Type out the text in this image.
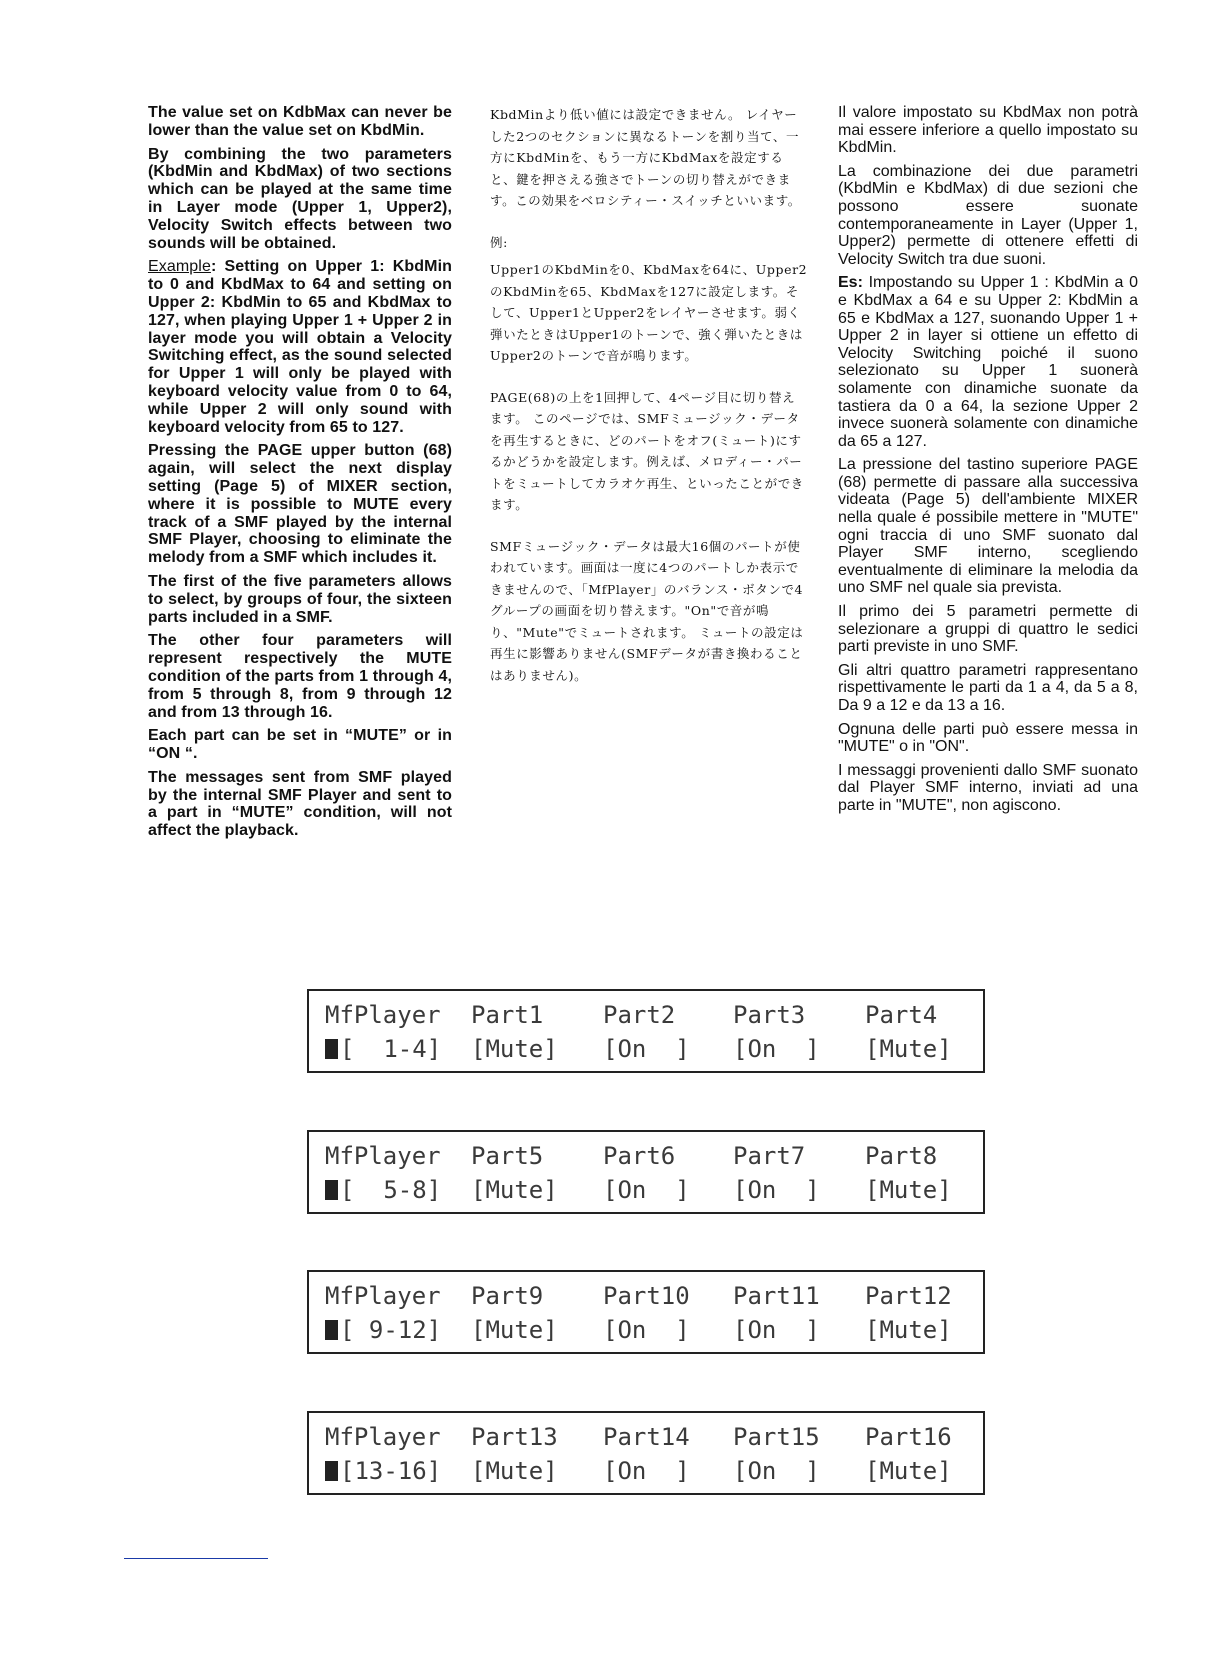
The value set on KdbMax can never be lower than the value set on KbdMin.

By combining the two parameters (KbdMin and KbdMax) of two sections which can be played at the same time in Layer mode (Upper 1, Upper2), Velocity Switch effects between two sounds will be obtained.

Example: Setting on Upper 1: KbdMin to 0 and KbdMax to 64 and setting on Upper 2: KbdMin to 65 and KbdMax to 127, when playing Upper 1 + Upper 2 in layer mode you will obtain a Velocity Switching effect, as the sound selected for Upper 1 will only be played with keyboard velocity value from 0 to 64, while Upper 2 will only sound with keyboard velocity from 65 to 127.

Pressing the PAGE upper button (68) again, will select the next display setting (Page 5) of MIXER section, where it is possible to MUTE every track of a SMF played by the internal SMF Player, choosing to eliminate the melody from a SMF which includes it.

The first of the five parameters allows to select, by groups of four, the sixteen parts included in a SMF.

The other four parameters will represent respectively the MUTE condition of the parts from 1 through 4, from 5 through 8, from 9 through 12 and from 13 through 16.

Each part can be set in “MUTE” or in “ON “.

The messages sent from SMF played by the internal SMF Player and sent to a part in “MUTE” condition, will not affect the playback.

KbdMinより低い値には設定できません。 レイヤーした2つのセクションに異なるトーンを割り当て、一方にKbdMinを、もう一方にKbdMaxを設定すると、鍵を押さえる強さでトーンの切り替えができます。この効果をベロシティー・スイッチといいます。

例:

Upper1のKbdMinを0、KbdMaxを64に、Upper2のKbdMinを65、KbdMaxを127に設定します。そして、Upper1とUpper2をレイヤーさせます。弱く弾いたときはUpper1のトーンで、強く弾いたときはUpper2のトーンで音が鳴ります。

PAGE(68)の上を1回押して、4ページ目に切り替えます。 このページでは、SMFミュージック・データを再生するときに、どのパートをオフ(ミュート)にするかどうかを設定します。例えば、メロディー・パートをミュートしてカラオケ再生、といったことができます。

SMFミュージック・データは最大16個のパートが使われています。画面は一度に4つのパートしか表示できませんので、「MfPlayer」のバランス・ボタンで4グループの画面を切り替えます。"On"で音が鳴り、"Mute"でミュートされます。 ミュートの設定は再生に影響ありません(SMFデータが書き換わることはありません)。

Il valore impostato su KbdMax non potrà mai essere inferiore a quello impostato su KbdMin.

La combinazione dei due parametri (KbdMin e KbdMax) di due sezioni che possono essere suonate contemporaneamente in Layer (Upper 1, Upper2) permette di ottenere effetti di Velocity Switch tra due suoni.

Es: Impostando su Upper 1 : KbdMin a 0 e KbdMax a 64 e su Upper 2: KbdMin a 65 e KbdMax a 127, suonando Upper 1 + Upper 2 in layer si ottiene un effetto di Velocity Switching poiché il suono selezionato su Upper 1 suonerà solamente con dinamiche suonate da tastiera da 0 a 64, la sezione Upper 2 invece suonerà solamente con dinamiche da 65 a 127.

La pressione del tastino superiore PAGE (68) permette di passare alla successiva videata (Page 5) dell'ambiente MIXER nella quale é possibile mettere in "MUTE" ogni traccia di uno SMF suonato dal Player SMF interno, scegliendo eventualmente di eliminare la melodia da uno SMF nel quale sia prevista.

Il primo dei 5 parametri permette di selezionare a gruppi di quattro le sedici parti previste in uno SMF.

Gli altri quattro parametri rappresentano rispettivamente le parti da 1 a 4, da 5 a 8, Da 9 a 12 e da 13 a 16.

Ognuna delle parti può essere messa in "MUTE" o in "ON".

I messaggi provenienti dallo SMF suonato dal Player SMF interno, inviati ad una parte in "MUTE", non agiscono.

MfPlayer

Part1

Part2

Part3

Part4

[  1-4]

[Mute]

[On  ]

[On  ]

[Mute]

MfPlayer

Part5

Part6

Part7

Part8

[  5-8]

[Mute]

[On  ]

[On  ]

[Mute]

MfPlayer

Part9

Part10

Part11

Part12

[ 9-12]

[Mute]

[On  ]

[On  ]

[Mute]

MfPlayer

Part13

Part14

Part15

Part16

[13-16]

[Mute]

[On  ]

[On  ]

[Mute]
